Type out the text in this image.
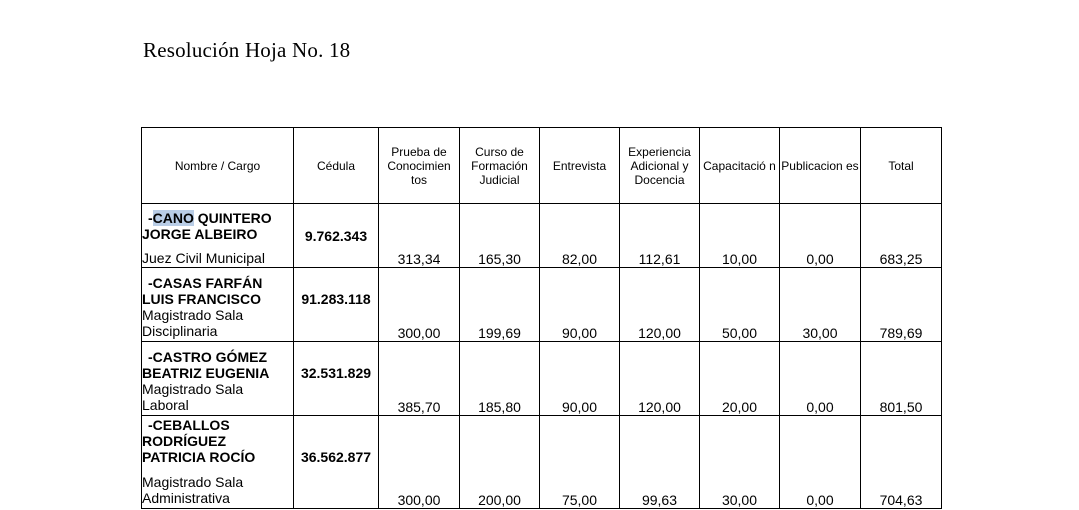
Resolución Hoja No. 18
Nombre / Cargo	Cédula	Prueba de Conocimien tos	Curso de Formación Judicial	Entrevista	Experiencia Adicional y Docencia	Capacitació n	Publicacion es	Total

-CANO QUINTERO
JORGE ALBEIRO
Juez Civil Municipal	9.762.343	313,34	165,30	82,00	112,61	10,00	0,00	683,25

-CASAS FARFÁN
LUIS FRANCISCO
Magistrado Sala
Disciplinaria	91.283.118	300,00	199,69	90,00	120,00	50,00	30,00	789,69

-CASTRO GÓMEZ
BEATRIZ EUGENIA
Magistrado Sala
Laboral	32.531.829	385,70	185,80	90,00	120,00	20,00	0,00	801,50

-CEBALLOS
RODRÍGUEZ
PATRICIA ROCÍO
Magistrado Sala
Administrativa	36.562.877	300,00	200,00	75,00	99,63	30,00	0,00	704,63
